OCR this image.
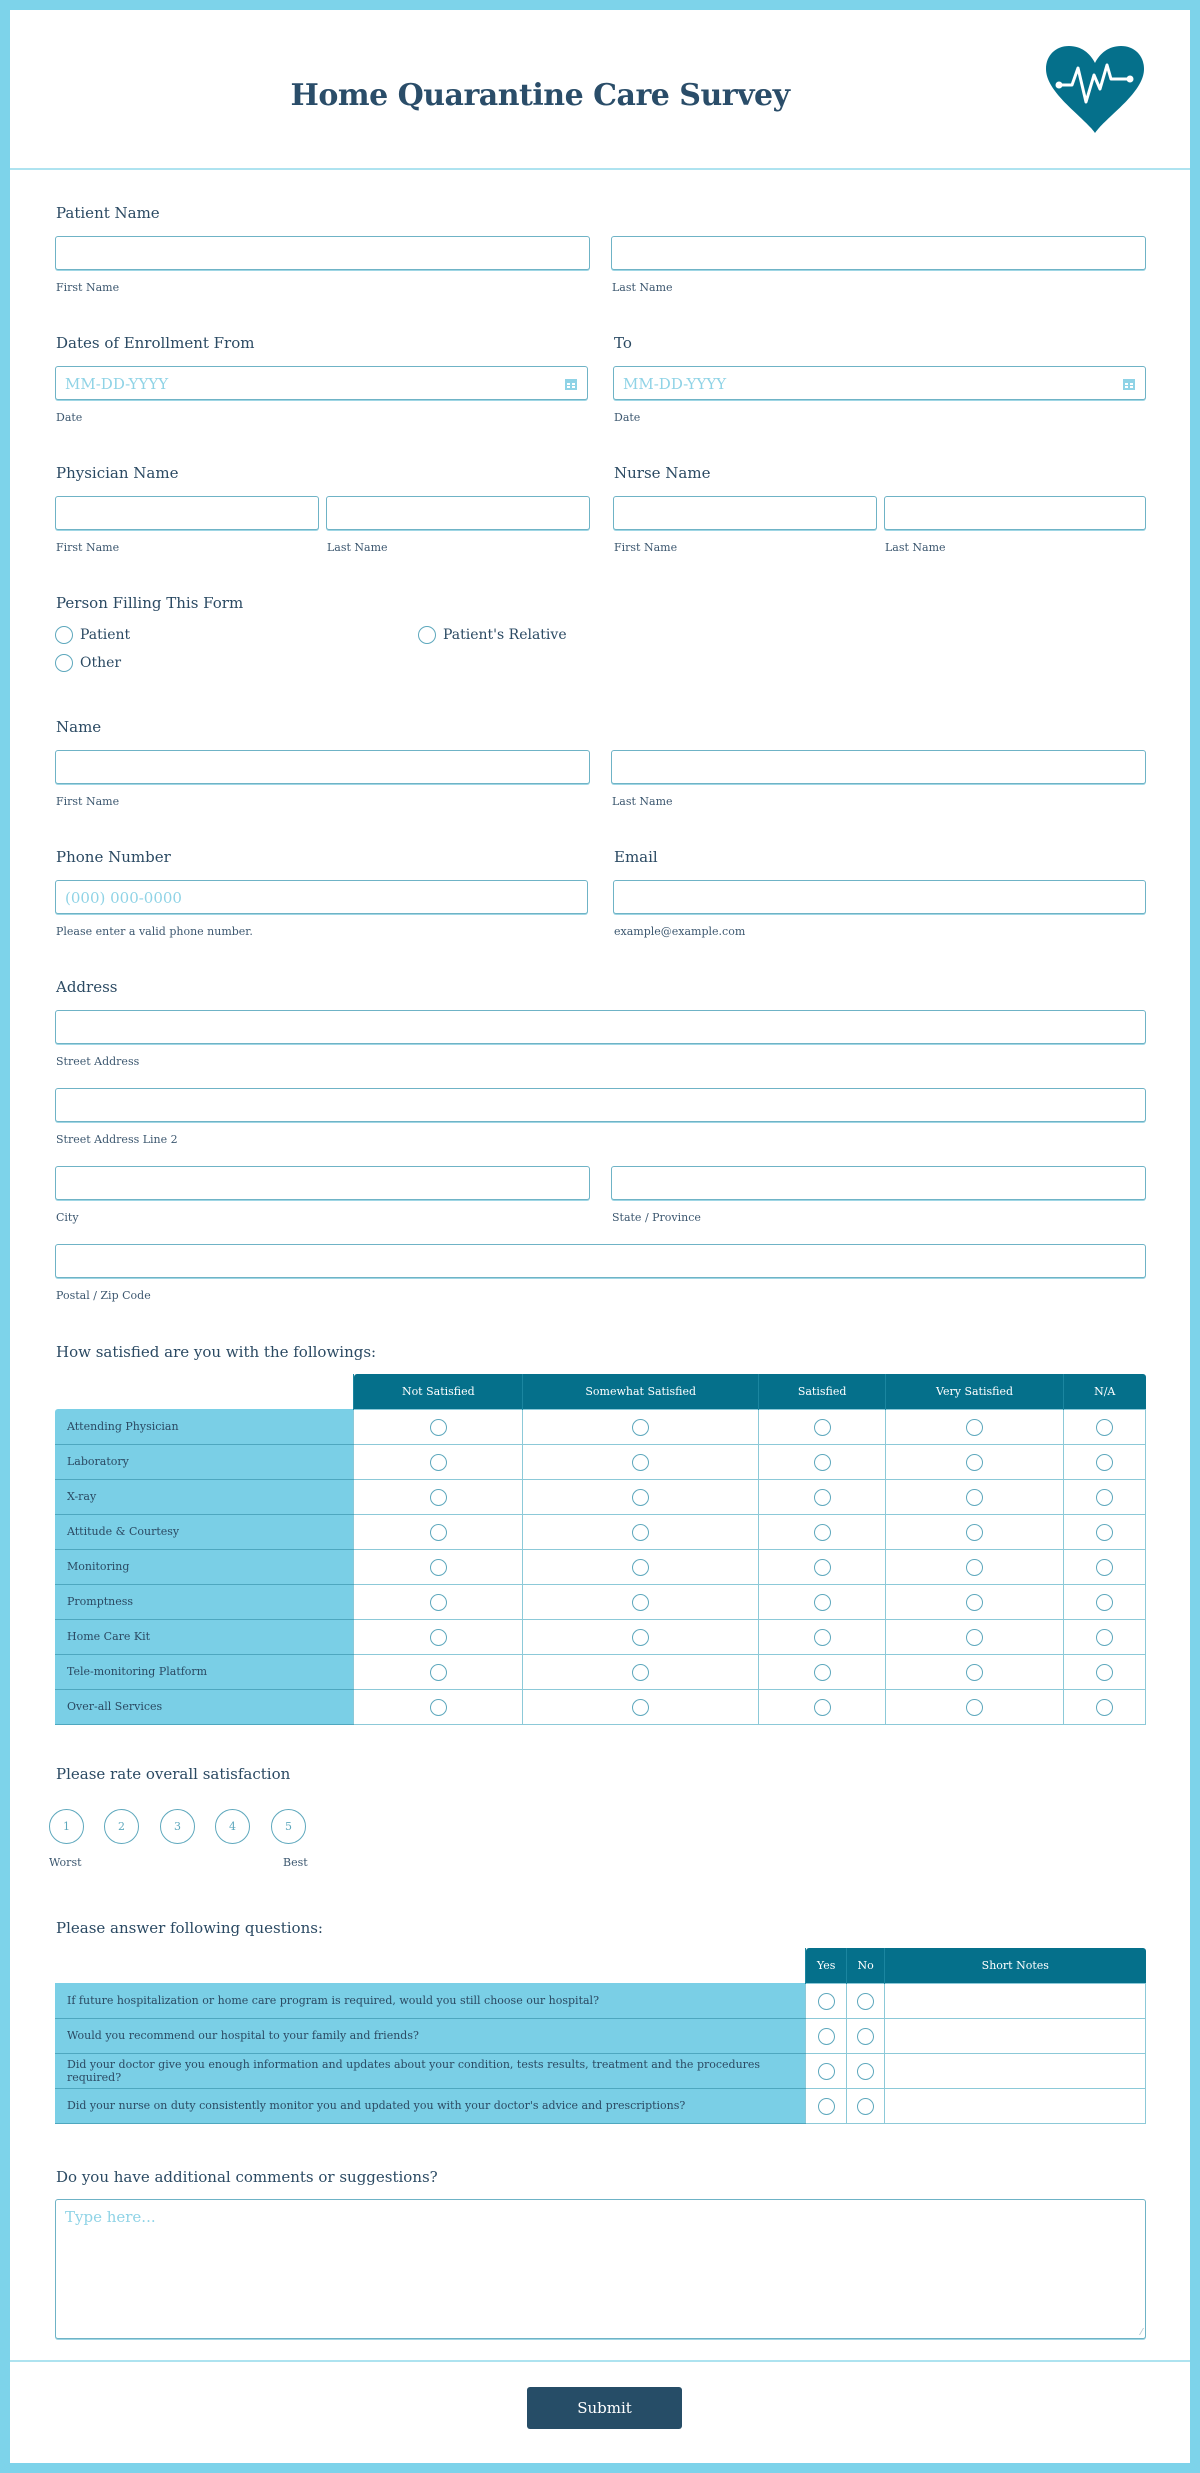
Home Quarantine Care Survey
Patient Name
First Name	Last Name
Dates of Enrollment From
MM-DD-YYYY
Date
To
MM-DD-YYYY
Date
Physician Name
First Name	Last Name
Nurse Name
First Name	Last Name
Person Filling This Form
Patient	Patient's Relative
Other
Name
First Name	Last Name
Phone Number
(000) 000-0000
Please enter a valid phone number.
Email
example@example.com
Address
Street Address
Street Address Line 2
City	State / Province
Postal / Zip Code
How satisfied are you with the followings:
	Not Satisfied	Somewhat Satisfied	Satisfied	Very Satisfied	N/A
Attending Physician					
Laboratory					
X-ray					
Attitude & Courtesy					
Monitoring					
Promptness					
Home Care Kit					
Tele-monitoring Platform					
Over-all Services					
Please rate overall satisfaction
1	2	3	4	5
Worst	Best
Please answer following questions:
	Yes	No	Short Notes
If future hospitalization or home care program is required, would you still choose our hospital?			
Would you recommend our hospital to your family and friends?			
Did your doctor give you enough information and updates about your condition, tests results, treatment and the procedures required?			
Did your nurse on duty consistently monitor you and updated you with your doctor's advice and prescriptions?			
Do you have additional comments or suggestions?
Type here...
Submit
